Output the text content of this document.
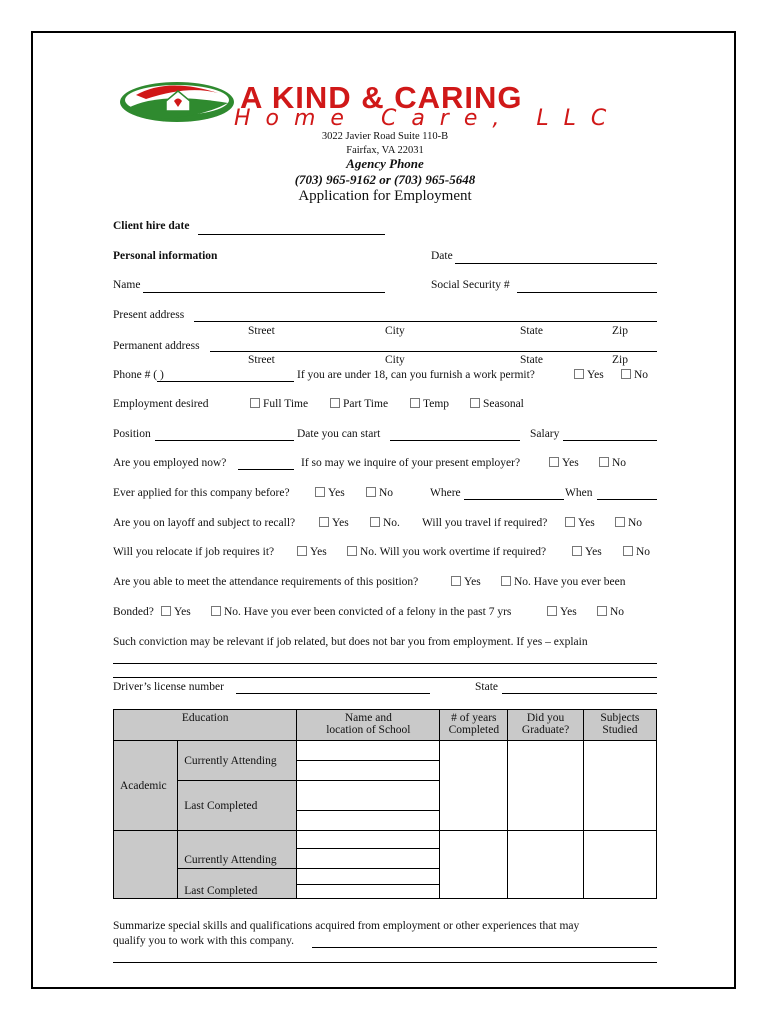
A KIND & CARING
Home Care, LLC
3022 Javier Road Suite 110-B
Fairfax, VA 22031
Agency Phone
(703) 965-9162 or (703) 965-5648
Application for Employment
Client hire date
Personal information	Date
Name	Social Security #
Present address
Street	City	State	Zip
Permanent address
Street	City	State	Zip
Phone # ( )	If you are under 18, can you furnish a work permit?	Yes	No
Employment desired	Full Time	Part Time	Temp	Seasonal
Position	Date you can start	Salary
Are you employed now?	If so may we inquire of your present employer?	Yes	No
Ever applied for this company before?	Yes	No	Where	When
Are you on layoff and subject to recall?	Yes	No. Will you travel if required?	Yes	No
Will you relocate if job requires it?	Yes	No. Will you work overtime if required?	Yes	No
Are you able to meet the attendance requirements of this position?	Yes	No. Have you ever been
Bonded?	Yes	No. Have you ever been convicted of a felony in the past 7 yrs	Yes	No
Such conviction may be relevant if job related, but does not bar you from employment. If yes – explain
Driver’s license number	State
Education		Name and location of School	# of years Completed	Did you Graduate?	Subjects Studied

Academic	Currently Attending				

	Last Completed				

	Currently Attending				

	Last Completed				

Summarize special skills and qualifications acquired from employment or other experiences that may
qualify you to work with this company.
